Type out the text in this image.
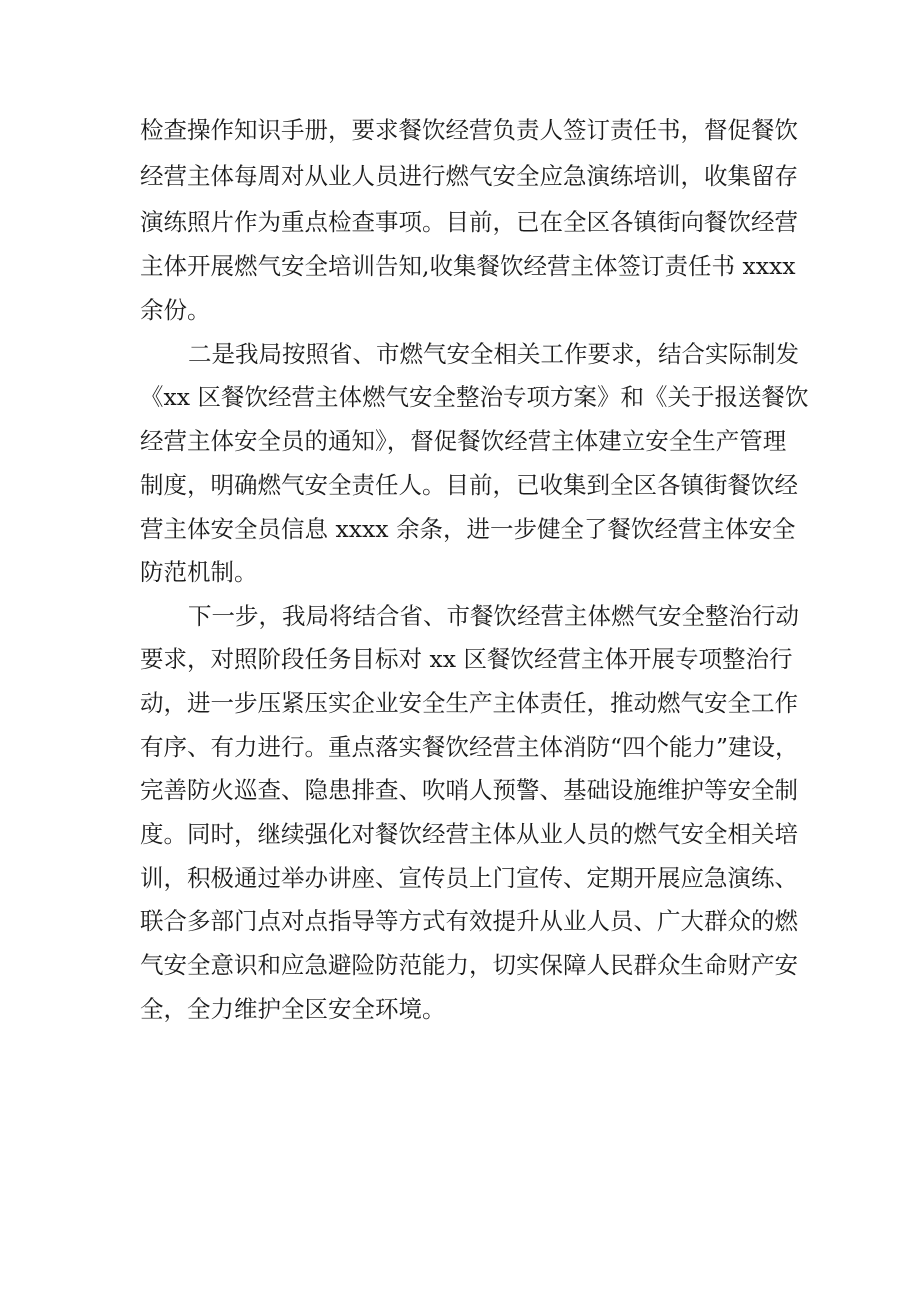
检查操作知识手册，要求餐饮经营负责人签订责任书，督促餐饮
经营主体每周对从业人员进行燃气安全应急演练培训，收集留存
演练照片作为重点检查事项。目前，已在全区各镇街向餐饮经营
主体开展燃气安全培训告知,收集餐饮经营主体签订责任书 xxxx
余份。
二是我局按照省、市燃气安全相关工作要求，结合实际制发
《xx 区餐饮经营主体燃气安全整治专项方案》和《关于报送餐饮
经营主体安全员的通知》，督促餐饮经营主体建立安全生产管理
制度，明确燃气安全责任人。目前，已收集到全区各镇街餐饮经
营主体安全员信息 xxxx 余条，进一步健全了餐饮经营主体安全
防范机制。
下一步，我局将结合省、市餐饮经营主体燃气安全整治行动
要求，对照阶段任务目标对 xx 区餐饮经营主体开展专项整治行
动，进一步压紧压实企业安全生产主体责任，推动燃气安全工作
有序、有力进行。重点落实餐饮经营主体消防“四个能力”建设，
完善防火巡查、隐患排查、吹哨人预警、基础设施维护等安全制
度。同时，继续强化对餐饮经营主体从业人员的燃气安全相关培
训，积极通过举办讲座、宣传员上门宣传、定期开展应急演练、
联合多部门点对点指导等方式有效提升从业人员、广大群众的燃
气安全意识和应急避险防范能力，切实保障人民群众生命财产安
全，全力维护全区安全环境。
